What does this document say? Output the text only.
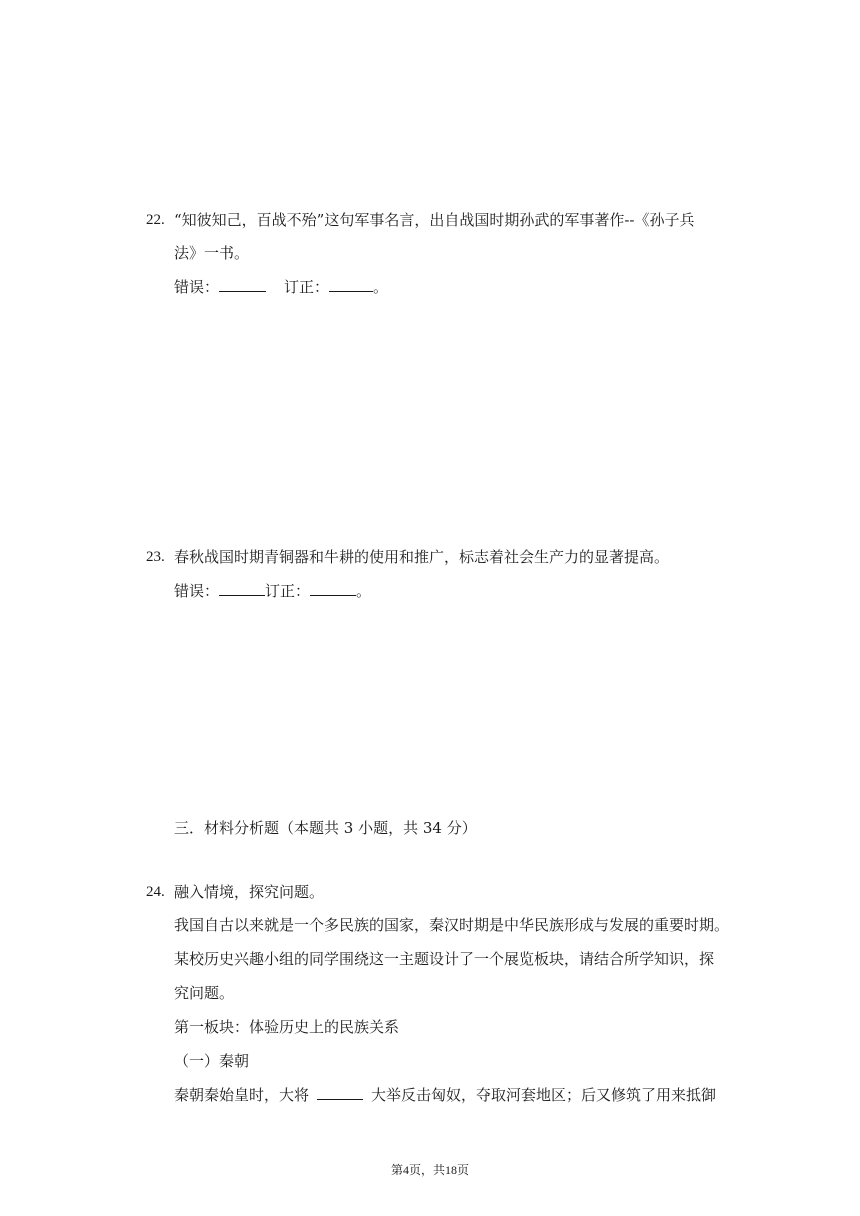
22. “知彼知己，百战不殆”这句军事名言，出自战国时期孙武的军事著作--《孙子兵
法》一书。
错误：	订正：	。
23. 春秋战国时期青铜器和牛耕的使用和推广，标志着社会生产力的显著提高。
错误：	订正：	。
三．材料分析题（本题共 3 小题，共 34 分）
24. 融入情境，探究问题。
我国自古以来就是一个多民族的国家，秦汉时期是中华民族形成与发展的重要时期。
某校历史兴趣小组的同学围绕这一主题设计了一个展览板块，请结合所学知识，探
究问题。
第一板块：体验历史上的民族关系
（一）秦朝
秦朝秦始皇时，大将	大举反击匈奴，夺取河套地区；后又修筑了用来抵御
第4页，共18页
